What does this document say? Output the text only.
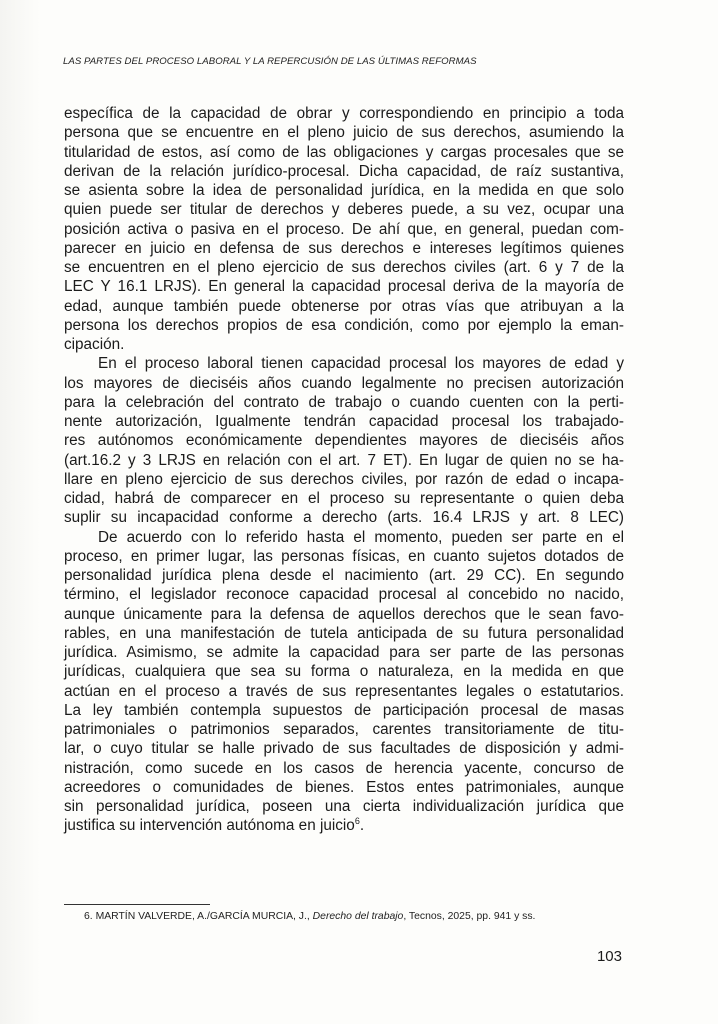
LAS PARTES DEL PROCESO LABORAL Y LA REPERCUSIÓN DE LAS ÚLTIMAS REFORMAS
específica de la capacidad de obrar y correspondiendo en principio a toda
persona que se encuentre en el pleno juicio de sus derechos, asumiendo la
titularidad de estos, así como de las obligaciones y cargas procesales que se
derivan de la relación jurídico-procesal. Dicha capacidad, de raíz sustantiva,
se asienta sobre la idea de personalidad jurídica, en la medida en que solo
quien puede ser titular de derechos y deberes puede, a su vez, ocupar una
posición activa o pasiva en el proceso. De ahí que, en general, puedan com-
parecer en juicio en defensa de sus derechos e intereses legítimos quienes
se encuentren en el pleno ejercicio de sus derechos civiles (art. 6 y 7 de la
LEC Y 16.1 LRJS). En general la capacidad procesal deriva de la mayoría de
edad, aunque también puede obtenerse por otras vías que atribuyan a la
persona los derechos propios de esa condición, como por ejemplo la eman-
cipación.
En el proceso laboral tienen capacidad procesal los mayores de edad y
los mayores de dieciséis años cuando legalmente no precisen autorización
para la celebración del contrato de trabajo o cuando cuenten con la perti-
nente autorización, Igualmente tendrán capacidad procesal los trabajado-
res autónomos económicamente dependientes mayores de dieciséis años
(art.16.2 y 3 LRJS en relación con el art. 7 ET). En lugar de quien no se ha-
llare en pleno ejercicio de sus derechos civiles, por razón de edad o incapa-
cidad, habrá de comparecer en el proceso su representante o quien deba
suplir su incapacidad conforme a derecho (arts. 16.4 LRJS y art. 8 LEC)
De acuerdo con lo referido hasta el momento, pueden ser parte en el
proceso, en primer lugar, las personas físicas, en cuanto sujetos dotados de
personalidad jurídica plena desde el nacimiento (art. 29 CC). En segundo
término, el legislador reconoce capacidad procesal al concebido no nacido,
aunque únicamente para la defensa de aquellos derechos que le sean favo-
rables, en una manifestación de tutela anticipada de su futura personalidad
jurídica. Asimismo, se admite la capacidad para ser parte de las personas
jurídicas, cualquiera que sea su forma o naturaleza, en la medida en que
actúan en el proceso a través de sus representantes legales o estatutarios.
La ley también contempla supuestos de participación procesal de masas
patrimoniales o patrimonios separados, carentes transitoriamente de titu-
lar, o cuyo titular se halle privado de sus facultades de disposición y admi-
nistración, como sucede en los casos de herencia yacente, concurso de
acreedores o comunidades de bienes. Estos entes patrimoniales, aunque
sin personalidad jurídica, poseen una cierta individualización jurídica que
justifica su intervención autónoma en juicio$^6$.
6. MARTÍN VALVERDE, A./GARCÍA MURCIA, J., Derecho del trabajo, Tecnos, 2025, pp. 941 y ss.
103
